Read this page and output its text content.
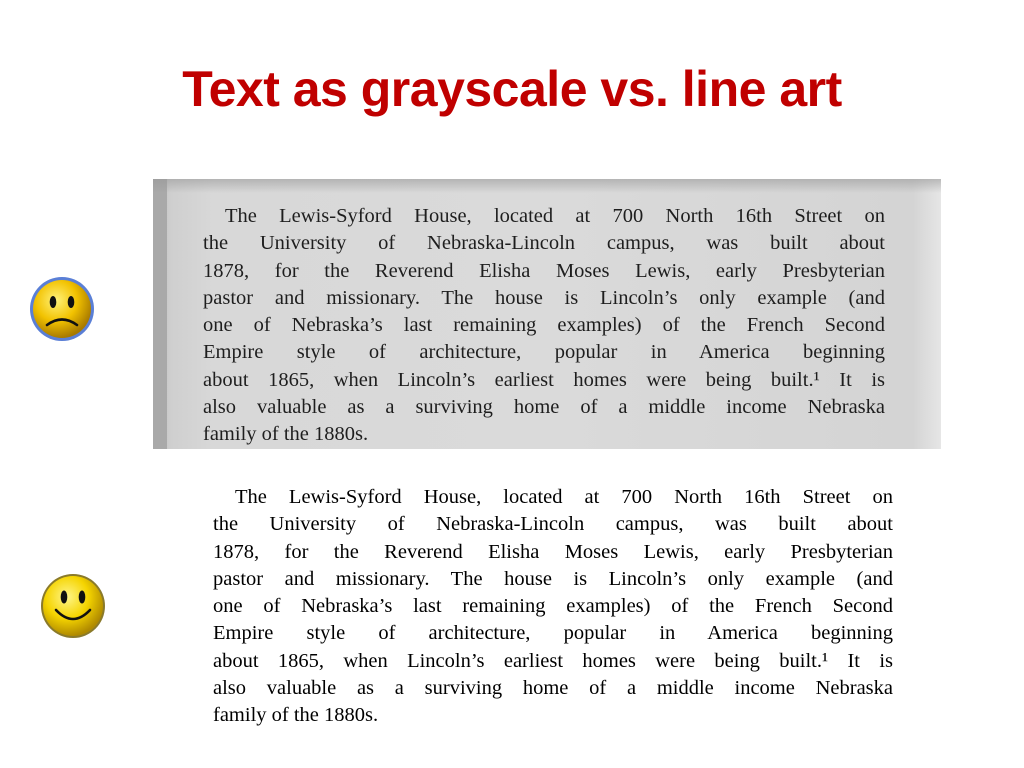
Text as grayscale vs. line art

The Lewis-Syford House, located at 700 North 16th Street on
the University of Nebraska-Lincoln campus, was built about
1878, for the Reverend Elisha Moses Lewis, early Presbyterian
pastor and missionary. The house is Lincoln’s only example (and
one of Nebraska’s last remaining examples) of the French Second
Empire style of architecture, popular in America beginning
about 1865, when Lincoln’s earliest homes were being built.¹ It is
also valuable as a surviving home of a middle income Nebraska
family of the 1880s.
The Lewis-Syford House, located at 700 North 16th Street on
the University of Nebraska-Lincoln campus, was built about
1878, for the Reverend Elisha Moses Lewis, early Presbyterian
pastor and missionary. The house is Lincoln’s only example (and
one of Nebraska’s last remaining examples) of the French Second
Empire style of architecture, popular in America beginning
about 1865, when Lincoln’s earliest homes were being built.¹ It is
also valuable as a surviving home of a middle income Nebraska
family of the 1880s.
